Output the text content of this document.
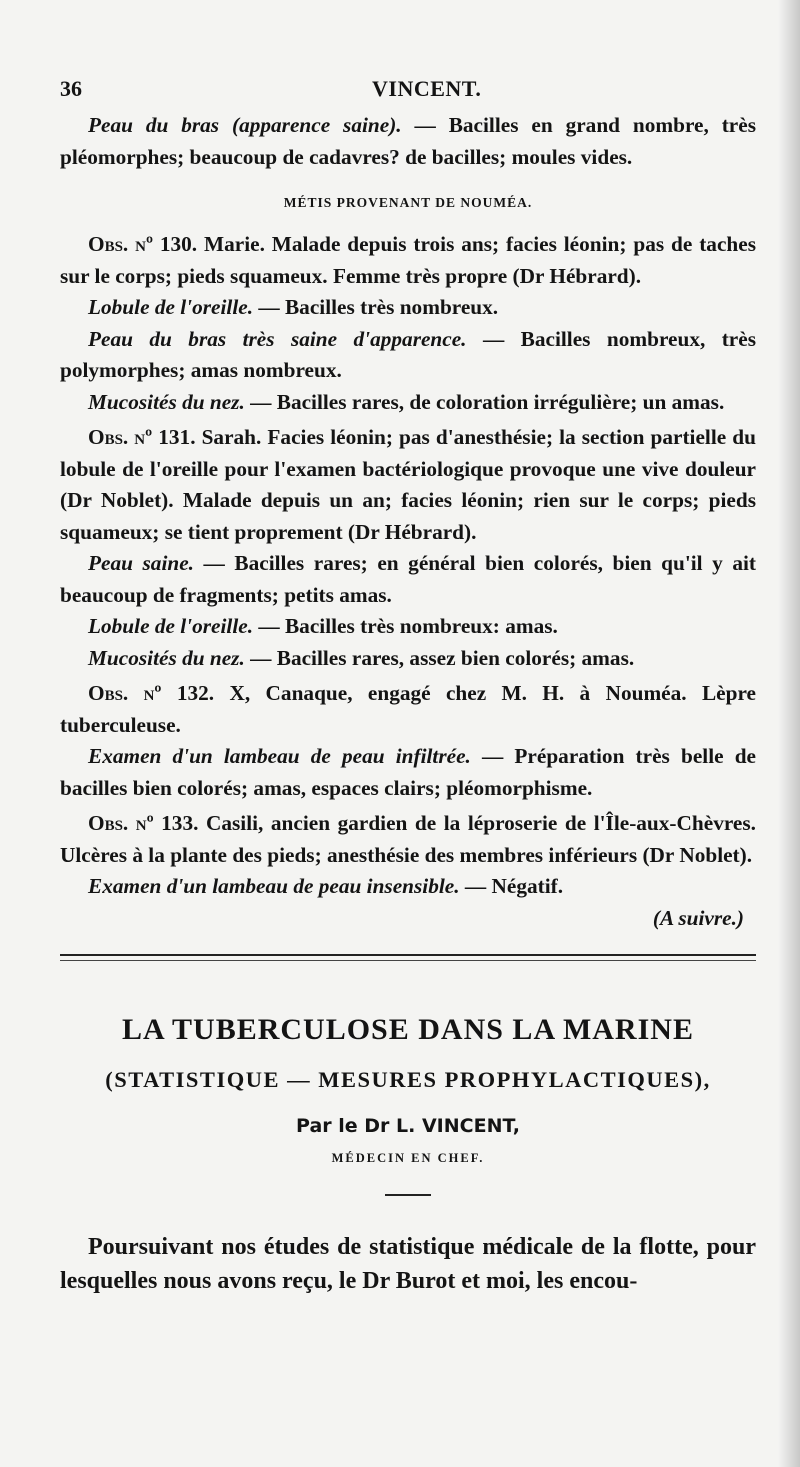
36	VINCENT.

Peau du bras (apparence saine). — Bacilles en grand nombre, très pléomorphes; beaucoup de cadavres? de bacilles; moules vides.

MÉTIS PROVENANT DE NOUMÉA.

Obs. nº 130. Marie. Malade depuis trois ans; facies léonin; pas de taches sur le corps; pieds squameux. Femme très propre (Dr Hébrard).

Lobule de l'oreille. — Bacilles très nombreux.

Peau du bras très saine d'apparence. — Bacilles nombreux, très polymorphes; amas nombreux.

Mucosités du nez. — Bacilles rares, de coloration irrégulière; un amas.

Obs. nº 131. Sarah. Facies léonin; pas d'anesthésie; la section partielle du lobule de l'oreille pour l'examen bactériologique provoque une vive douleur (Dr Noblet). Malade depuis un an; facies léonin; rien sur le corps; pieds squameux; se tient proprement (Dr Hébrard).

Peau saine. — Bacilles rares; en général bien colorés, bien qu'il y ait beaucoup de fragments; petits amas.

Lobule de l'oreille. — Bacilles très nombreux: amas.

Mucosités du nez. — Bacilles rares, assez bien colorés; amas.

Obs. nº 132. X, Canaque, engagé chez M. H. à Nouméa. Lèpre tuberculeuse.

Examen d'un lambeau de peau infiltrée. — Préparation très belle de bacilles bien colorés; amas, espaces clairs; pléomorphisme.

Obs. nº 133. Casili, ancien gardien de la léproserie de l'Île-aux-Chèvres. Ulcères à la plante des pieds; anesthésie des membres inférieurs (Dr Noblet).

Examen d'un lambeau de peau insensible. — Négatif.

(A suivre.)

LA TUBERCULOSE DANS LA MARINE
(STATISTIQUE — MESURES PROPHYLACTIQUES),
Par le Dr L. VINCENT,
MÉDECIN EN CHEF.

Poursuivant nos études de statistique médicale de la flotte, pour lesquelles nous avons reçu, le Dr Burot et moi, les encou-
